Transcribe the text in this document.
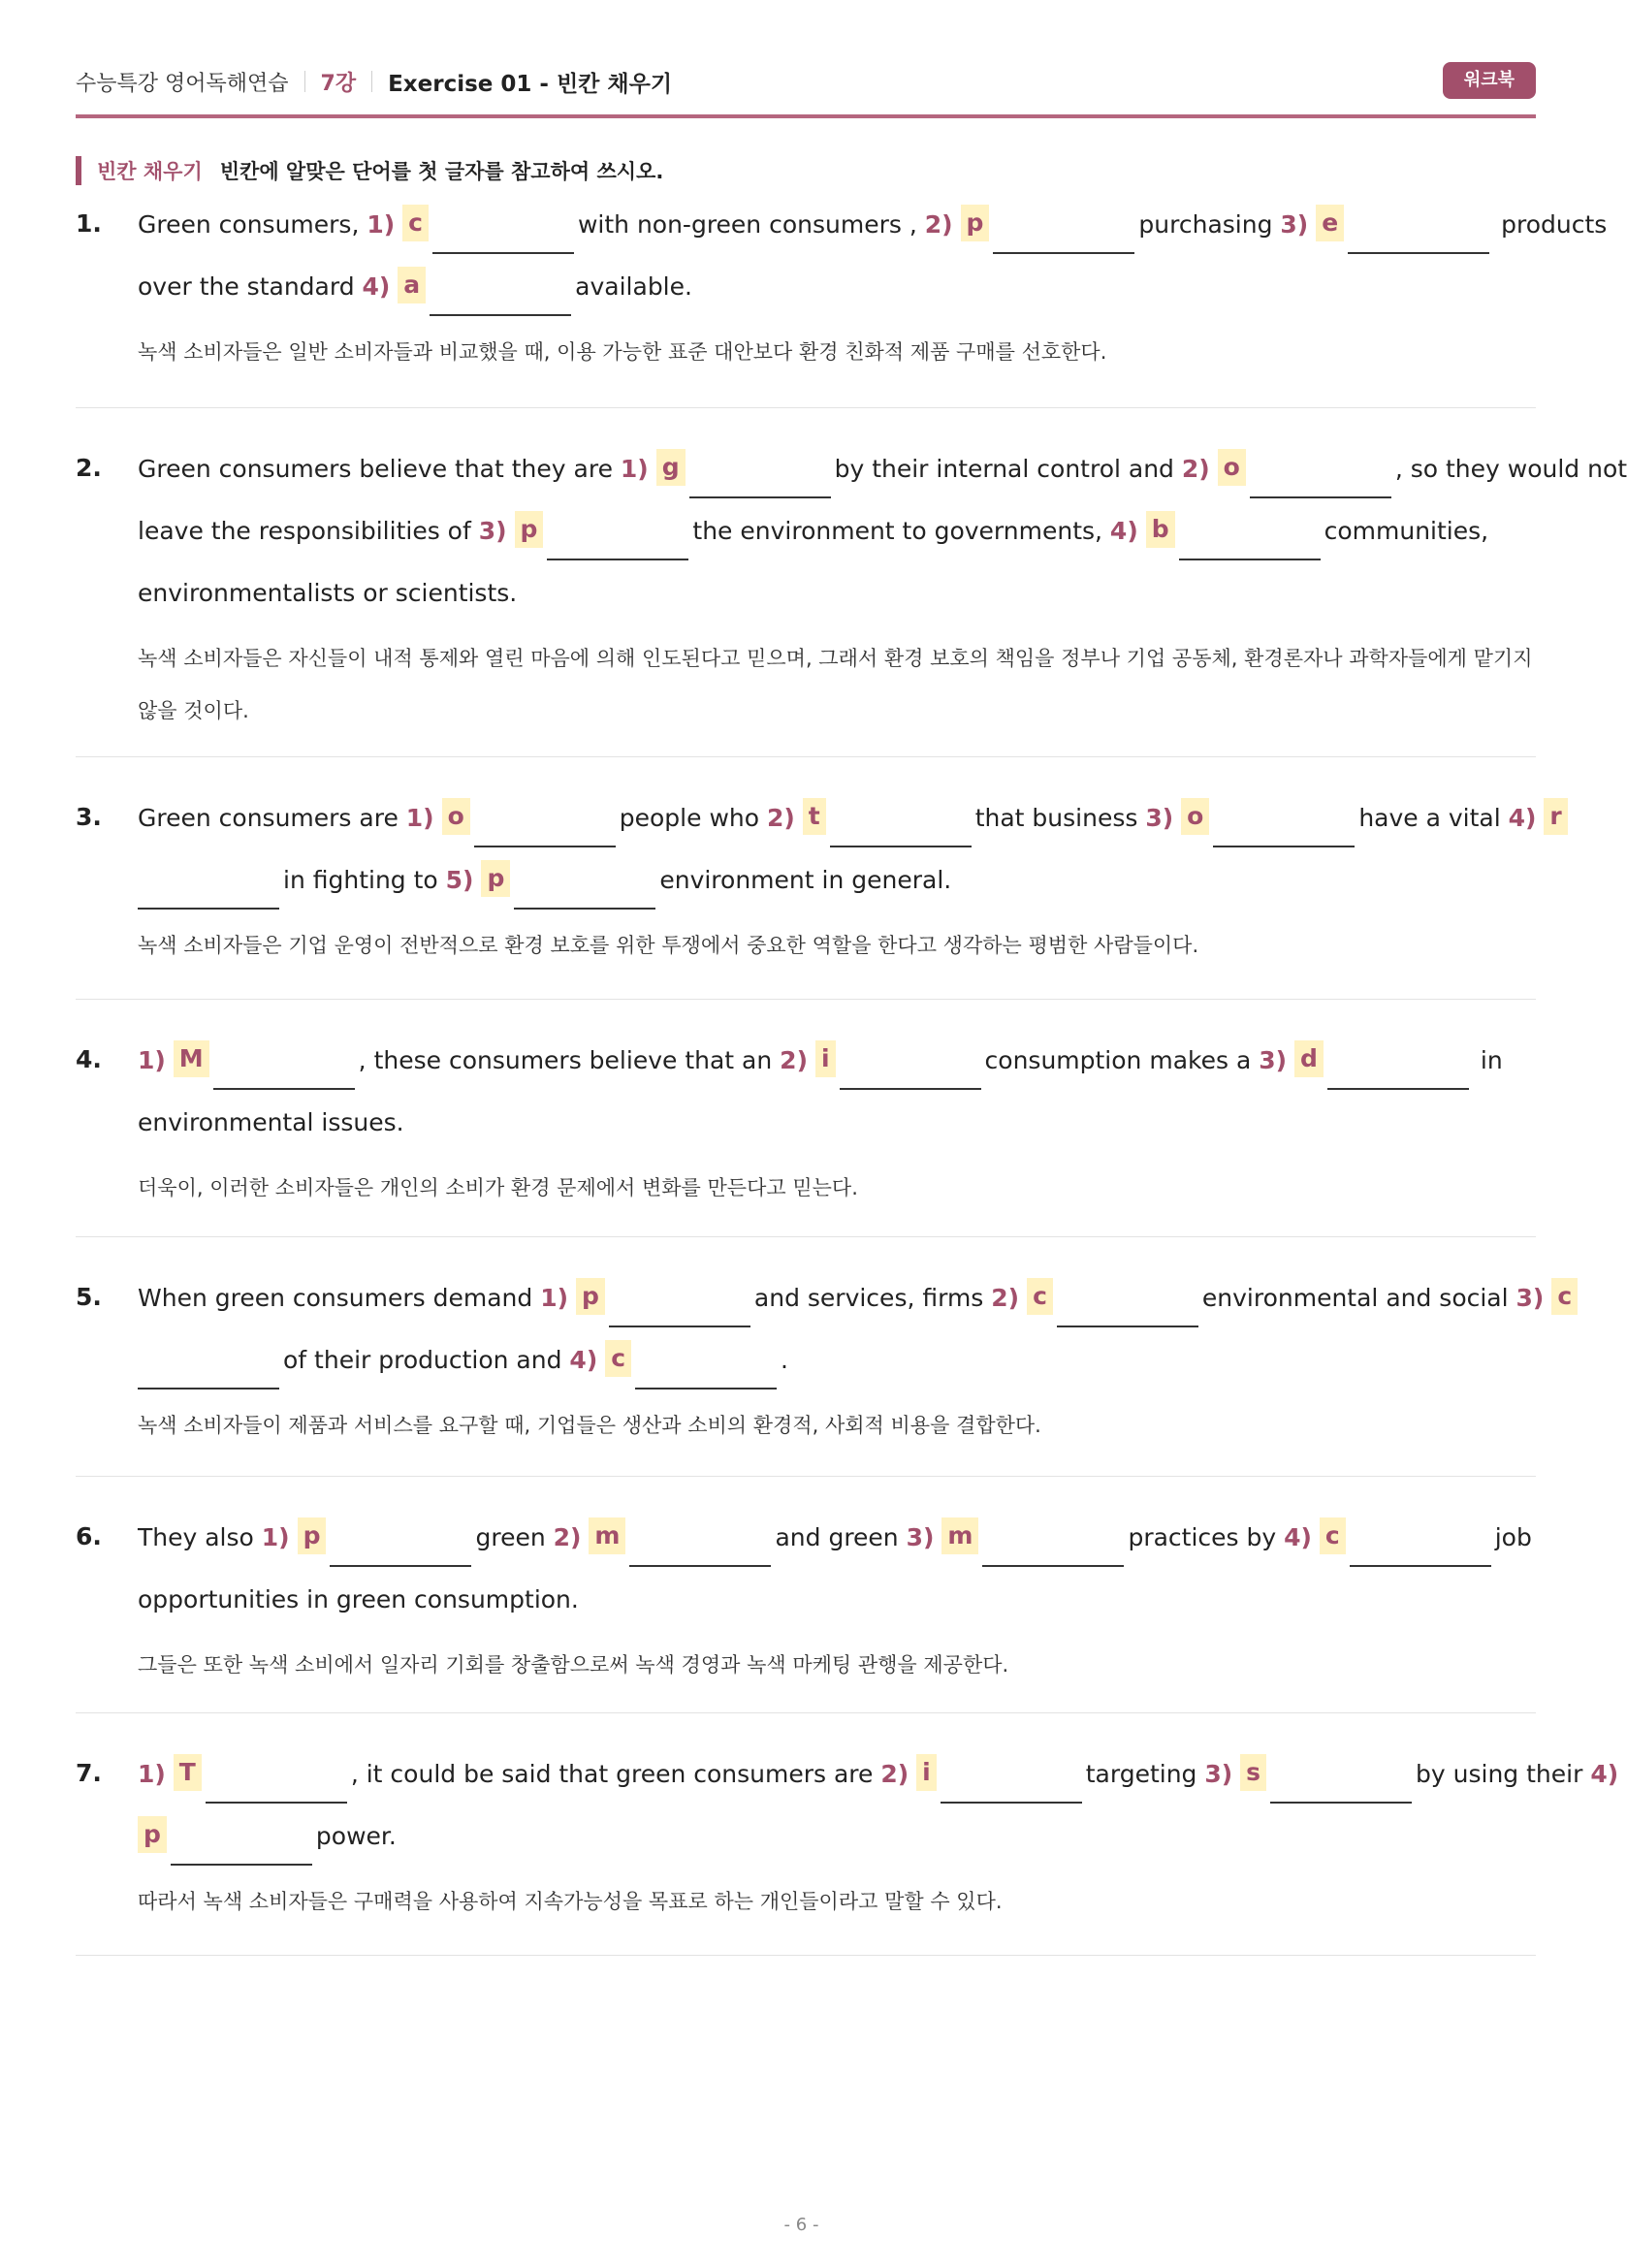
수능특강 영어독해연습 7강 Exercise 01 - 빈칸 채우기	워크북
빈칸 채우기 빈칸에 알맞은 단어를 첫 글자를 참고하여 쓰시오.
1. Green consumers, 1) c	with non-green consumers , 2) p	purchasing 3) e	products
over the standard 4) a	available.
녹색 소비자들은 일반 소비자들과 비교했을 때, 이용 가능한 표준 대안보다 환경 친화적 제품 구매를 선호한다.
2. Green consumers believe that they are 1) g	by their internal control and 2) o	, so they would not
leave the responsibilities of 3) p	the environment to governments, 4) b	communities,
environmentalists or scientists.
녹색 소비자들은 자신들이 내적 통제와 열린 마음에 의해 인도된다고 믿으며, 그래서 환경 보호의 책임을 정부나 기업 공동체, 환경론자나 과학자들에게 맡기지
않을 것이다.
3. Green consumers are 1) o	people who 2) t	that business 3) o	have a vital 4) r
in fighting to 5) p	environment in general.
녹색 소비자들은 기업 운영이 전반적으로 환경 보호를 위한 투쟁에서 중요한 역할을 한다고 생각하는 평범한 사람들이다.
4. 1) M	, these consumers believe that an 2) i	consumption makes a 3) d	in
environmental issues.
더욱이, 이러한 소비자들은 개인의 소비가 환경 문제에서 변화를 만든다고 믿는다.
5. When green consumers demand 1) p	and services, firms 2) c	environmental and social 3) c
of their production and 4) c	.
녹색 소비자들이 제품과 서비스를 요구할 때, 기업들은 생산과 소비의 환경적, 사회적 비용을 결합한다.
6. They also 1) p	green 2) m	and green 3) m	practices by 4) c	job
opportunities in green consumption.
그들은 또한 녹색 소비에서 일자리 기회를 창출함으로써 녹색 경영과 녹색 마케팅 관행을 제공한다.
7. 1) T	, it could be said that green consumers are 2) i	targeting 3) s	by using their 4)
p	power.
따라서 녹색 소비자들은 구매력을 사용하여 지속가능성을 목표로 하는 개인들이라고 말할 수 있다.
- 6 -
